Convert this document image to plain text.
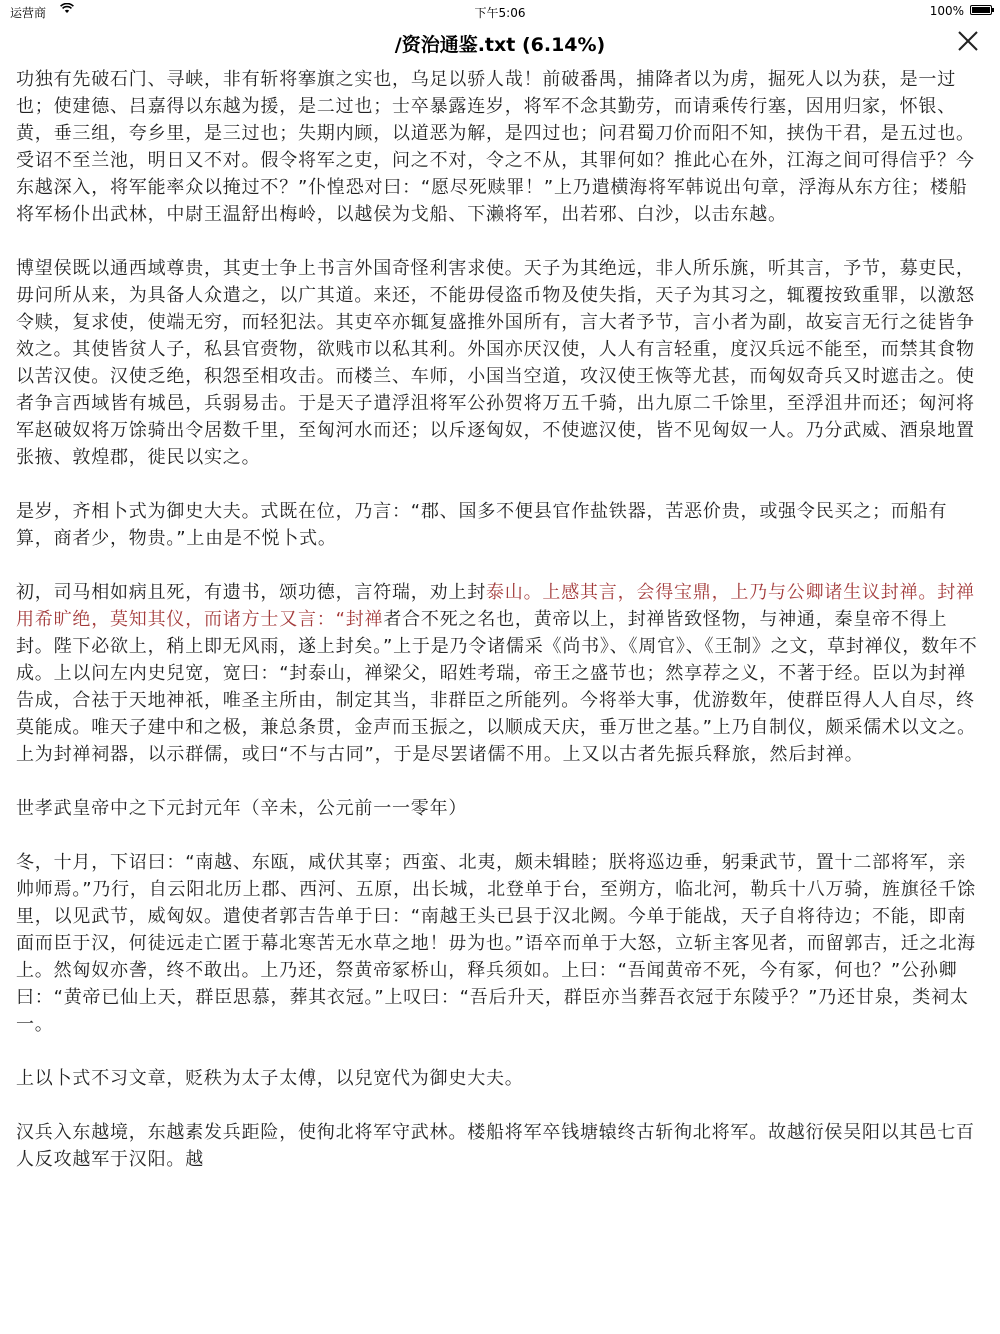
运营商	下午5:06	100%
/资治通鉴.txt (6.14%)

功独有先破石门、寻峡，非有斩将搴旗之实也，乌足以骄人哉！前破番禺，捕降者以为虏，掘死人以为获，是一过也；使建德、吕嘉得以东越为援，是二过也；士卒暴露连岁，将军不念其勤劳，而请乘传行塞，因用归家，怀银、黄，垂三组，夸乡里，是三过也；失期内顾，以道恶为解，是四过也；问君蜀刀价而阳不知，挟伪干君，是五过也。受诏不至兰池，明日又不对。假令将军之吏，问之不对，令之不从，其罪何如？推此心在外，江海之间可得信乎？今东越深入，将军能率众以掩过不？”仆惶恐对曰：“愿尽死赎罪！”上乃遣横海将军韩说出句章，浮海从东方往；楼船将军杨仆出武林，中尉王温舒出梅岭，以越侯为戈船、下濑将军，出若邪、白沙，以击东越。

博望侯既以通西域尊贵，其吏士争上书言外国奇怪利害求使。天子为其绝远，非人所乐旐，听其言，予节，募吏民，毋问所从来，为具备人众遣之，以广其道。来还，不能毋侵盗币物及使失指，天子为其习之，辄覆按致重罪，以激怒令赎，复求使，使端无穷，而轻犯法。其吏卒亦辄复盛推外国所有，言大者予节，言小者为副，故妄言无行之徒皆争效之。其使皆贫人子，私县官赍物，欲贱市以私其利。外国亦厌汉使，人人有言轻重，度汉兵远不能至，而禁其食物以苦汉使。汉使乏绝，积怨至相攻击。而楼兰、车师，小国当空道，攻汉使王恢等尤甚，而匈奴奇兵又时遮击之。使者争言西域皆有城邑，兵弱易击。于是天子遣浮沮将军公孙贺将万五千骑，出九原二千馀里，至浮沮井而还；匈河将军赵破奴将万馀骑出令居数千里，至匈河水而还；以斥逐匈奴，不使遮汉使，皆不见匈奴一人。乃分武威、酒泉地置张掖、敦煌郡，徙民以实之。

是岁，齐相卜式为御史大夫。式既在位，乃言：“郡、国多不便县官作盐铁器，苦恶价贵，或强令民买之；而船有算，商者少，物贵。”上由是不悦卜式。

初，司马相如病且死，有遗书，颂功德，言符瑞，劝上封泰山。上感其言，会得宝鼎，上乃与公卿诸生议封禅。封禅用希旷绝，莫知其仪，而诸方士又言：“封禅者合不死之名也，黄帝以上，封禅皆致怪物，与神通，秦皇帝不得上封。陛下必欲上，稍上即无风雨，遂上封矣。”上于是乃令诸儒采《尚书》、《周官》、《王制》之文，草封禅仪，数年不成。上以问左内史兒宽，宽曰：“封泰山，禅梁父，昭姓考瑞，帝王之盛节也；然享荐之义，不著于经。臣以为封禅告成，合祛于天地神祇，唯圣主所由，制定其当，非群臣之所能列。今将举大事，优游数年，使群臣得人人自尽，终莫能成。唯天子建中和之极，兼总条贯，金声而玉振之，以顺成天庆，垂万世之基。”上乃自制仪，颇采儒术以文之。上为封禅祠器，以示群儒，或曰“不与古同”，于是尽罢诸儒不用。上又以古者先振兵释旅，然后封禅。

世孝武皇帝中之下元封元年（辛未，公元前一一零年）

冬，十月，下诏曰：“南越、东瓯，咸伏其辜；西蛮、北夷，颇未辑睦；朕将巡边垂，躬秉武节，置十二部将军，亲帅师焉。”乃行，自云阳北历上郡、西河、五原，出长城，北登单于台，至朔方，临北河，勒兵十八万骑，旌旗径千馀里，以见武节，威匈奴。遣使者郭吉告单于曰：“南越王头已县于汉北阙。今单于能战，天子自将待边；不能，即南面而臣于汉，何徒远走亡匿于幕北寒苦无水草之地！毋为也。”语卒而单于大怒，立斩主客见者，而留郭吉，迁之北海上。然匈奴亦詟，终不敢出。上乃还，祭黄帝冢桥山，释兵须如。上曰：“吾闻黄帝不死，今有冢，何也？”公孙卿曰：“黄帝已仙上天，群臣思慕，葬其衣冠。”上叹曰：“吾后升天，群臣亦当葬吾衣冠于东陵乎？”乃还甘泉，类祠太一。

上以卜式不习文章，贬秩为太子太傅，以兒宽代为御史大夫。

汉兵入东越境，东越素发兵距险，使徇北将军守武林。楼船将军卒钱塘辕终古斩徇北将军。故越衍侯吴阳以其邑七百人反攻越军于汉阳。越
